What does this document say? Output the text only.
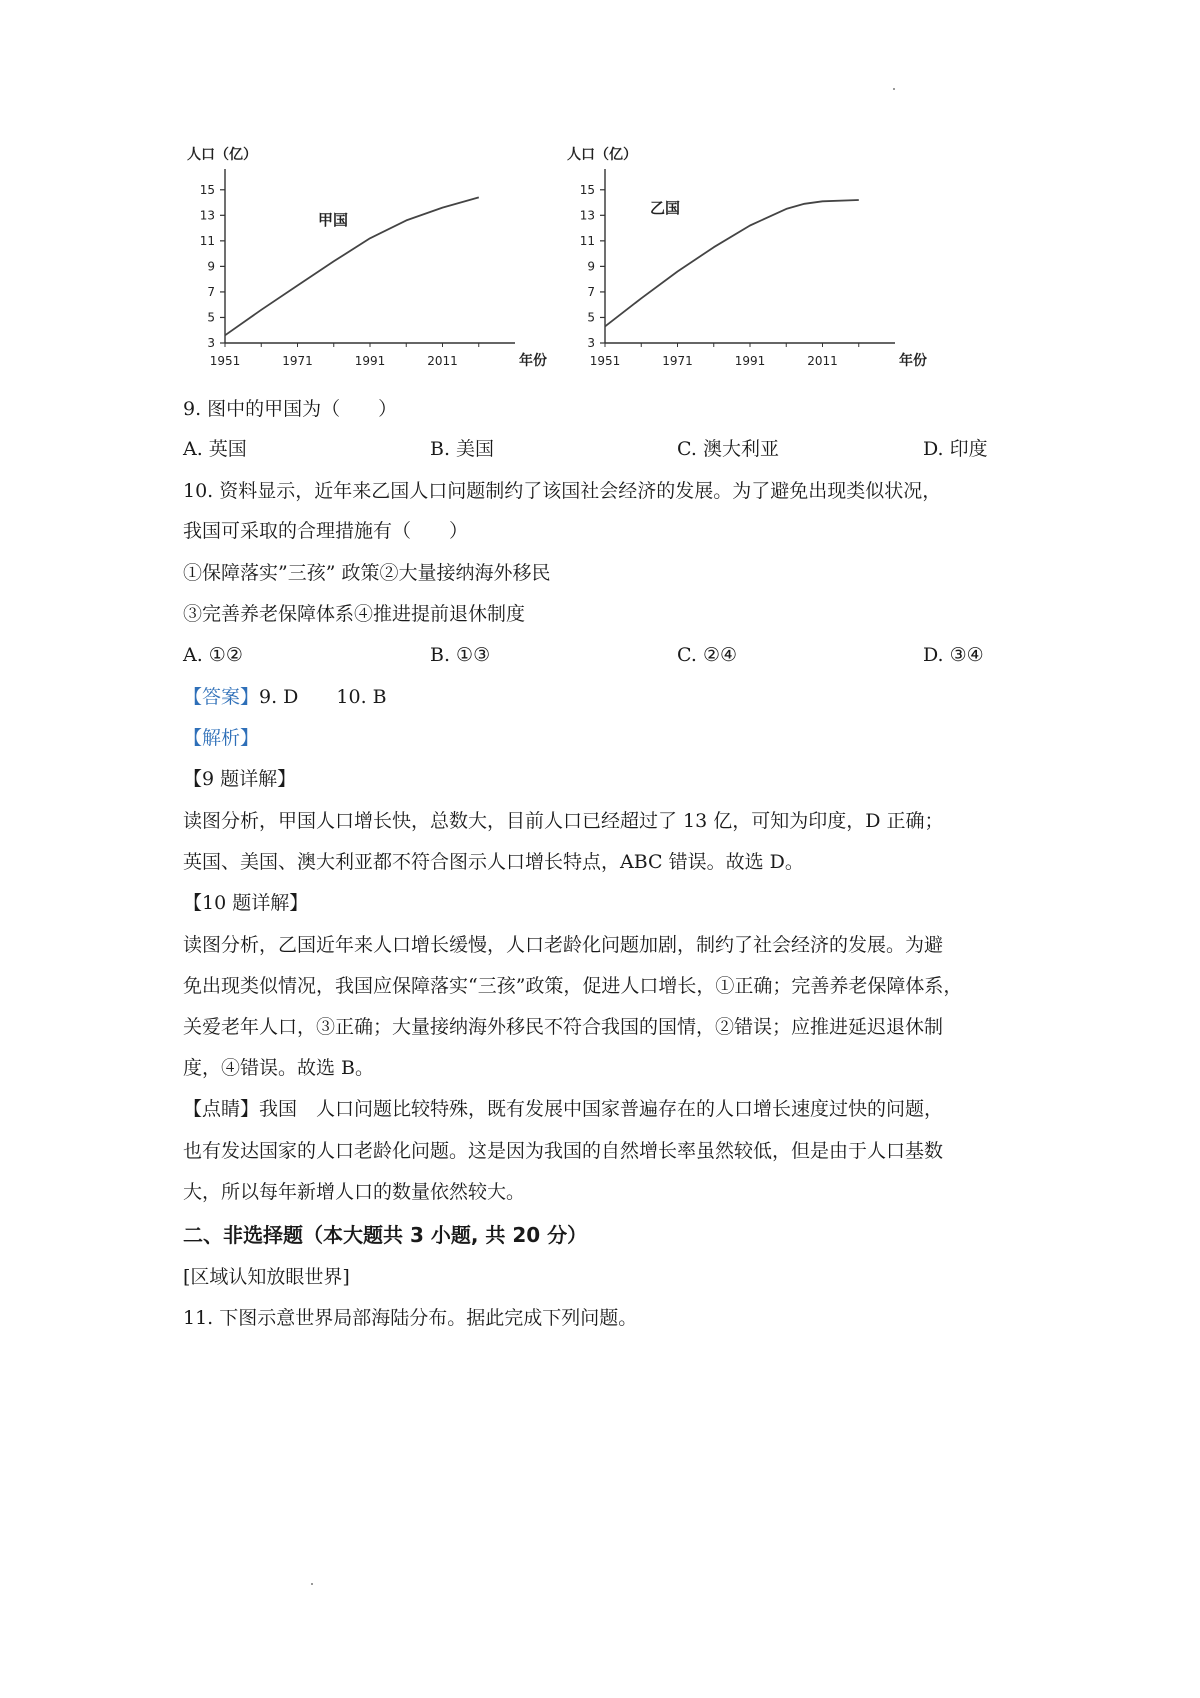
人口（亿）
3
5
7
9
11
13
15
1951	1971	1991	2011	年份
甲国
人口（亿）
3
5
7
9
11
13
15
1951	1971	1991	2011	年份
乙国
9. 图中的甲国为（　　）
A. 英国	B. 美国	C. 澳大利亚	D. 印度
10. 资料显示，近年来乙国人口问题制约了该国社会经济的发展。为了避免出现类似状况，
我国可采取的合理措施有（　　）
①保障落实”三孩” 政策②大量接纳海外移民
③完善养老保障体系④推进提前退休制度
A. ①②	B. ①③	C. ②④	D. ③④
【答案】9. D　　10. B
【解析】
【9 题详解】
读图分析，甲国人口增长快，总数大，目前人口已经超过了 13 亿，可知为印度，D 正确；
英国、美国、澳大利亚都不符合图示人口增长特点，ABC 错误。故选 D。
【10 题详解】
读图分析，乙国近年来人口增长缓慢，人口老龄化问题加剧，制约了社会经济的发展。为避
免出现类似情况，我国应保障落实“三孩”政策，促进人口增长，①正确；完善养老保障体系，
关爱老年人口，③正确；大量接纳海外移民不符合我国的国情，②错误；应推进延迟退休制
度，④错误。故选 B。
【点睛】我国　人口问题比较特殊，既有发展中国家普遍存在的人口增长速度过快的问题，
也有发达国家的人口老龄化问题。这是因为我国的自然增长率虽然较低，但是由于人口基数
大，所以每年新增人口的数量依然较大。
二、非选择题（本大题共 3 小题, 共 20 分）
[区域认知放眼世界]
11. 下图示意世界局部海陆分布。据此完成下列问题。
